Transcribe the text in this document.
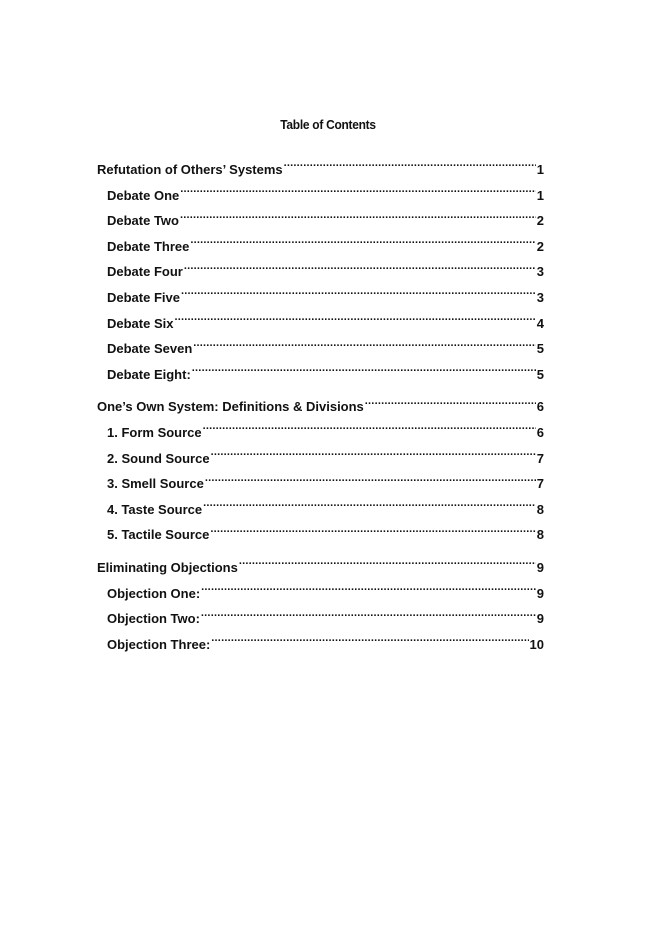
Table of Contents
Refutation of Others’ Systems .....	1
Debate One .....	1
Debate Two .....	2
Debate Three .....	2
Debate Four .....	3
Debate Five .....	3
Debate Six .....	4
Debate Seven .....	5
Debate Eight: .....	5
One’s Own System: Definitions & Divisions .....	6
1. Form Source .....	6
2. Sound Source .....	7
3. Smell Source .....	7
4. Taste Source .....	8
5. Tactile Source .....	8
Eliminating Objections .....	9
Objection One: .....	9
Objection Two: .....	9
Objection Three: .....	10
